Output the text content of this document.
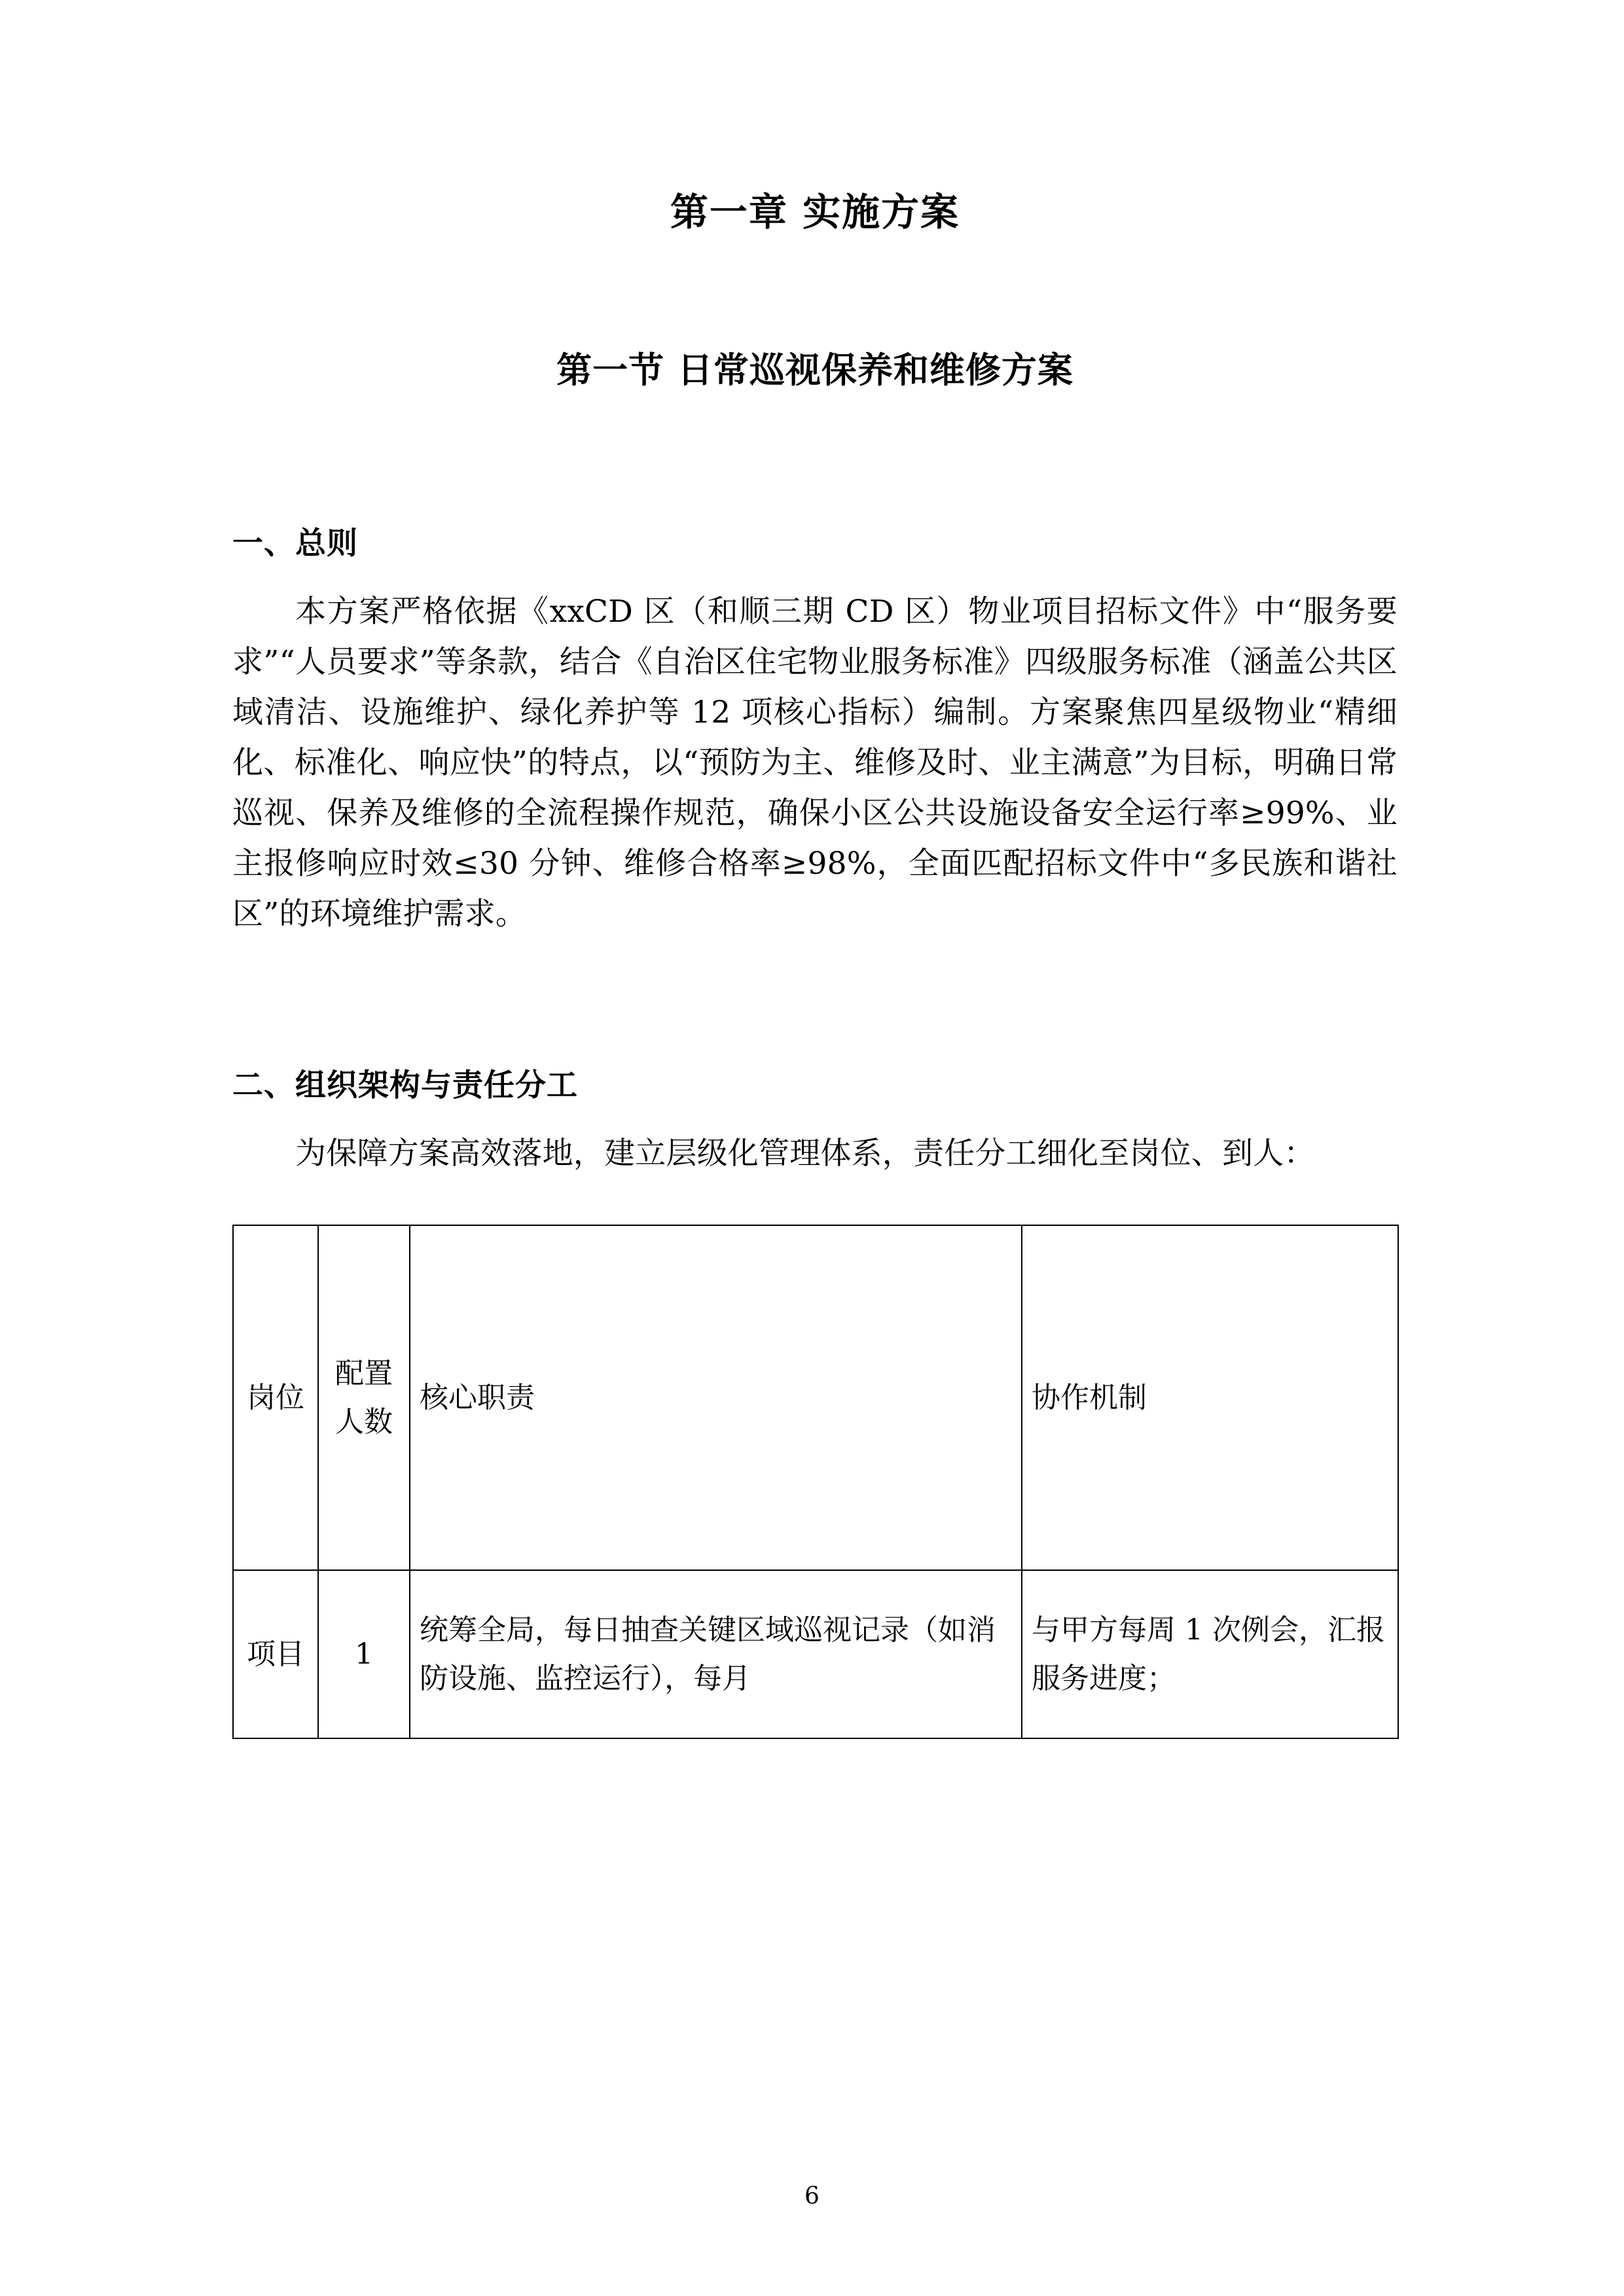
第一章 实施方案
第一节 日常巡视保养和维修方案
一、总则

本方案严格依据《xxCD 区（和顺三期 CD 区）物业项目招标文件》中“服务要求”“人员要求”等条款，结合《自治区住宅物业服务标准》四级服务标准（涵盖公共区域清洁、设施维护、绿化养护等 12 项核心指标）编制。方案聚焦四星级物业“精细化、标准化、响应快”的特点，以“预防为主、维修及时、业主满意”为目标，明确日常巡视、保养及维修的全流程操作规范，确保小区公共设施设备安全运行率≥99%、业主报修响应时效≤30 分钟、维修合格率≥98%，全面匹配招标文件中“多民族和谐社区”的环境维护需求。

二、组织架构与责任分工

为保障方案高效落地，建立层级化管理体系，责任分工细化至岗位、到人：

岗位	配置人数	核心职责	协作机制
项目	1	统筹全局，每日抽查关键区域巡视记录（如消防设施、监控运行），每月	与甲方每周 1 次例会，汇报服务进度；
6
